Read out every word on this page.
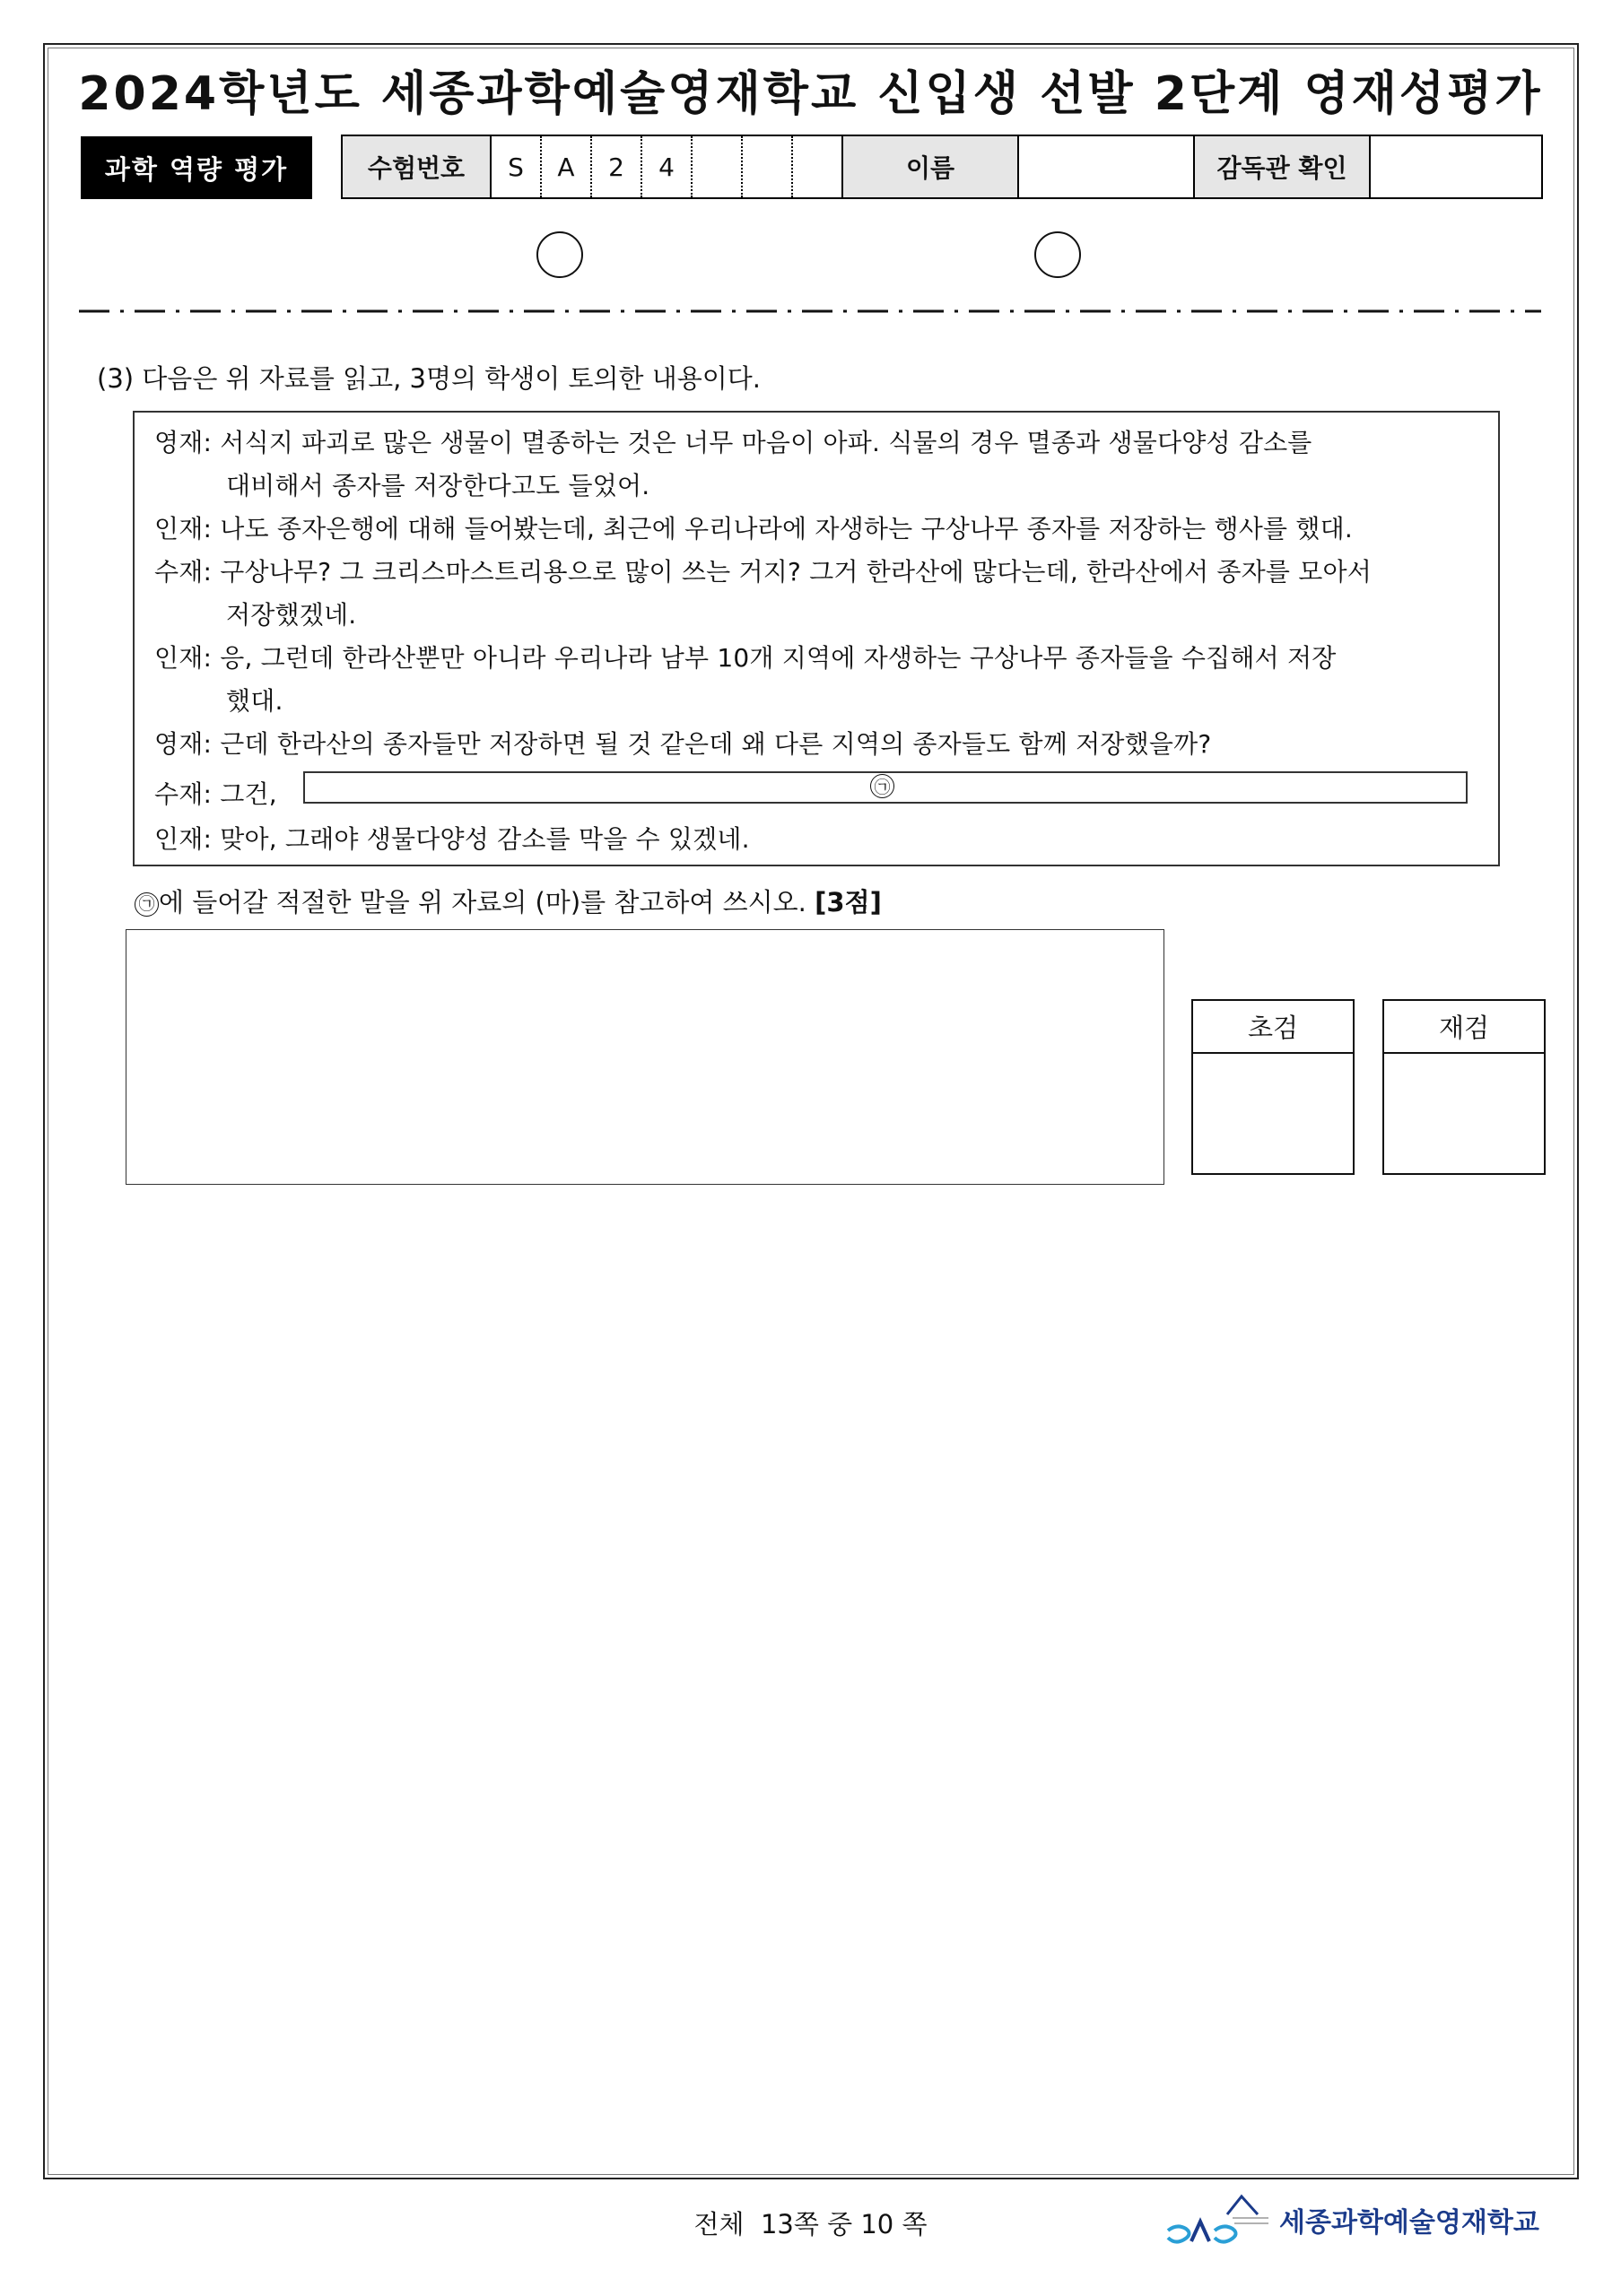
2024학년도 세종과학예술영재학교 신입생 선발 2단계 영재성평가
과학 역량 평가	수험번호	S	A	2	4	이름	감독관 확인
(3) 다음은 위 자료를 읽고, 3명의 학생이 토의한 내용이다.
영재: 서식지 파괴로 많은 생물이 멸종하는 것은 너무 마음이 아파. 식물의 경우 멸종과 생물다양성 감소를
대비해서 종자를 저장한다고도 들었어.
인재: 나도 종자은행에 대해 들어봤는데, 최근에 우리나라에 자생하는 구상나무 종자를 저장하는 행사를 했대.
수재: 구상나무? 그 크리스마스트리용으로 많이 쓰는 거지? 그거 한라산에 많다는데, 한라산에서 종자를 모아서
저장했겠네.
인재: 응, 그런데 한라산뿐만 아니라 우리나라 남부 10개 지역에 자생하는 구상나무 종자들을 수집해서 저장
했대.
영재: 근데 한라산의 종자들만 저장하면 될 것 같은데 왜 다른 지역의 종자들도 함께 저장했을까?
수재: 그건,
인재: 맞아, 그래야 생물다양성 감소를 막을 수 있겠네.
㉠
㉠ 에 들어갈 적절한 말을 위 자료의 (마)를 참고하여 쓰시오. [3점]
초검	재검
전체  13쪽 중 10 쪽	세종과학예술영재학교
